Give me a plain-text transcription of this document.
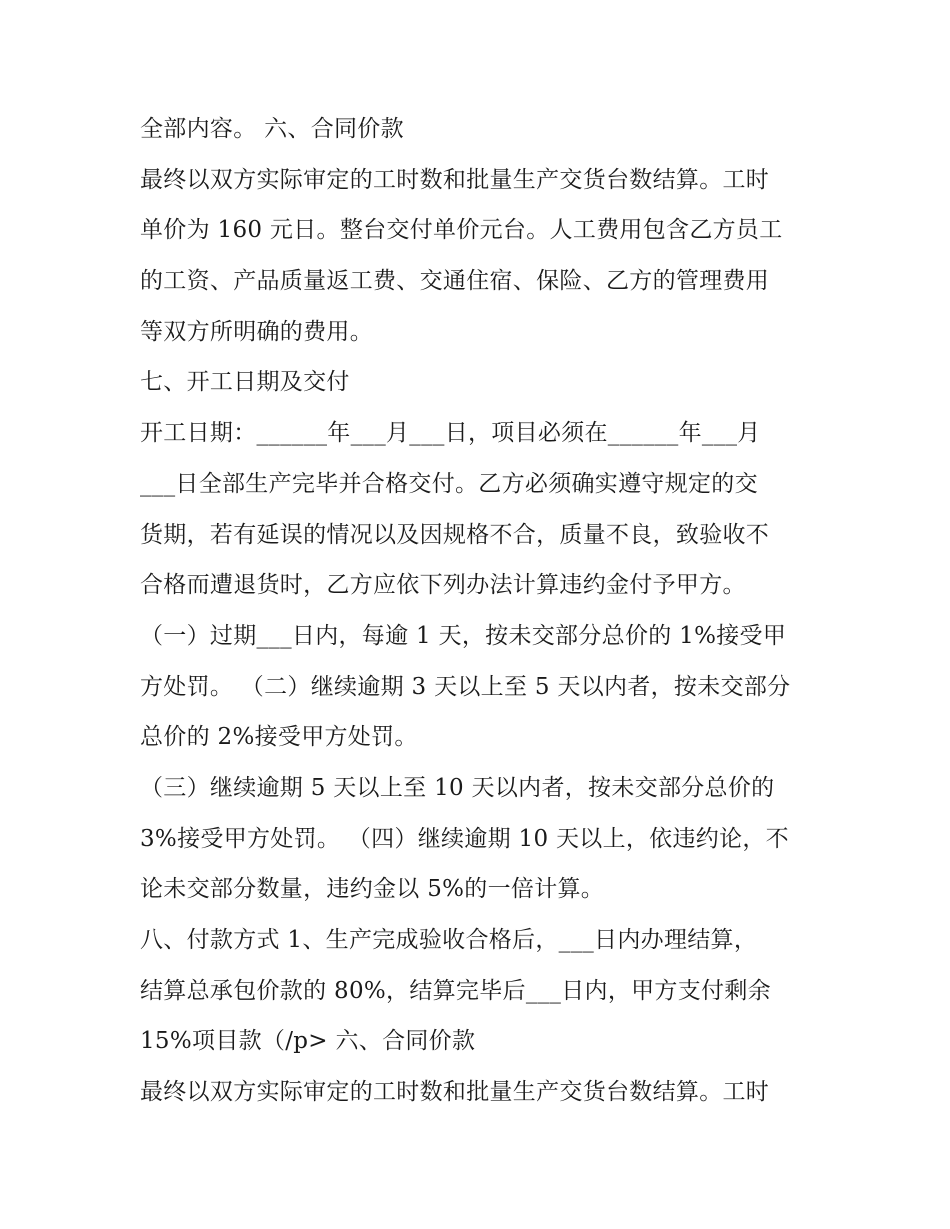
全部内容。 六、合同价款
最终以双方实际审定的工时数和批量生产交货台数结算。工时
单价为 160 元日。整台交付单价元台。人工费用包含乙方员工
的工资、产品质量返工费、交通住宿、保险、乙方的管理费用
等双方所明确的费用。
七、开工日期及交付
开工日期：______年___月___日，项目必须在______年___月
___日全部生产完毕并合格交付。乙方必须确实遵守规定的交
货期，若有延误的情况以及因规格不合，质量不良，致验收不
合格而遭退货时，乙方应依下列办法计算违约金付予甲方。
（一）过期___日内，每逾 1 天，按未交部分总价的 1%接受甲
方处罚。 （二）继续逾期 3 天以上至 5 天以内者，按未交部分
总价的 2%接受甲方处罚。
（三）继续逾期 5 天以上至 10 天以内者，按未交部分总价的
3%接受甲方处罚。 （四）继续逾期 10 天以上，依违约论，不
论未交部分数量，违约金以 5%的一倍计算。
八、付款方式 1、生产完成验收合格后，___日内办理结算，
结算总承包价款的 80%，结算完毕后___日内，甲方支付剩余
15%项目款（/p> 六、合同价款
最终以双方实际审定的工时数和批量生产交货台数结算。工时
